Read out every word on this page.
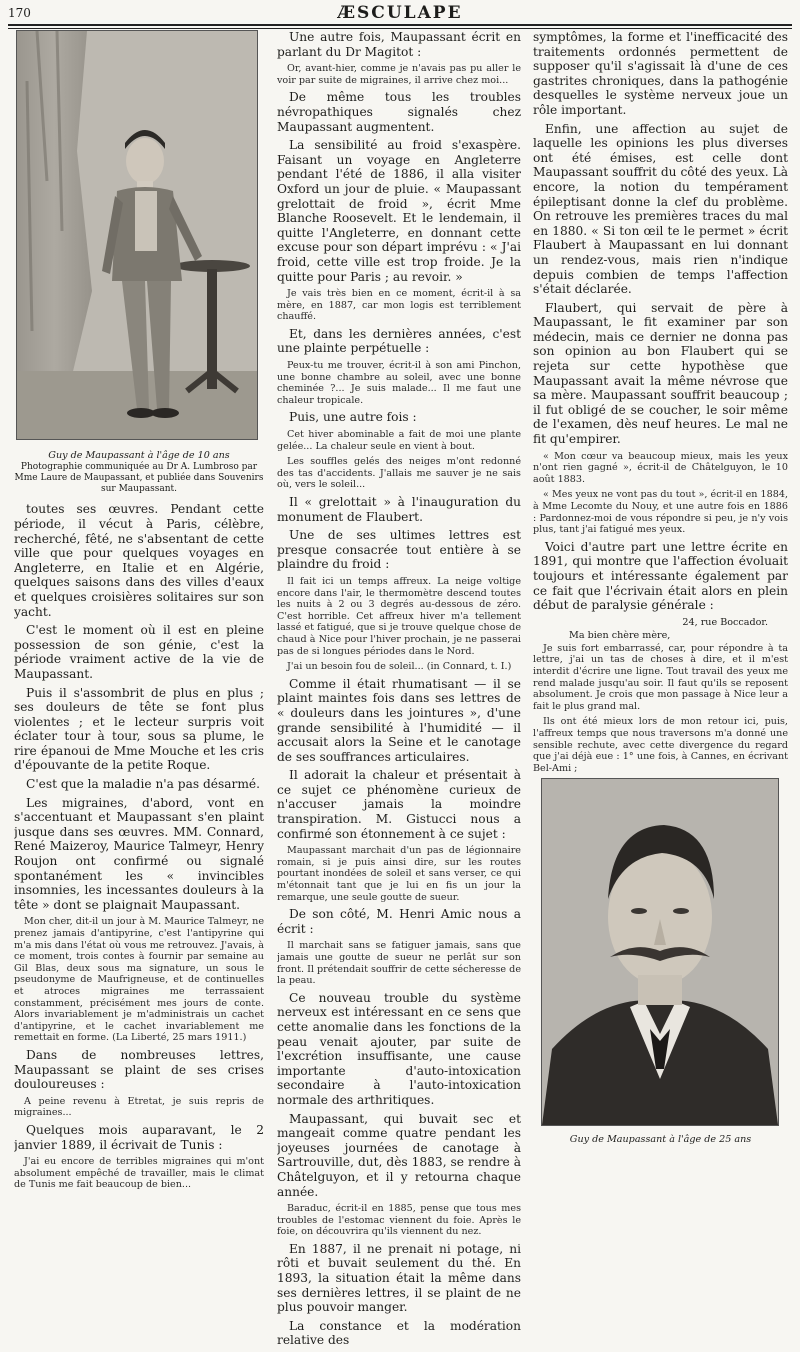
170	ÆSCULAPE
Guy de Maupassant à l'âge de 10 ans
Photographie communiquée au Dr A. Lumbroso par Mme Laure de Maupassant, et publiée dans Souvenirs sur Maupassant.

toutes ses œuvres. Pendant cette période, il vécut à Paris, célèbre, recherché, fêté, ne s'absentant de cette ville que pour quelques voyages en Angleterre, en Italie et en Algérie, quelques saisons dans des villes d'eaux et quelques croisières solitaires sur son yacht.

C'est le moment où il est en pleine possession de son génie, c'est la période vraiment active de la vie de Maupassant.

Puis il s'assombrit de plus en plus ; ses douleurs de tête se font plus violentes ; et le lecteur surpris voit éclater tour à tour, sous sa plume, le rire épanoui de Mme Mouche et les cris d'épouvante de la petite Roque.

C'est que la maladie n'a pas désarmé.

Les migraines, d'abord, vont en s'accentuant et Maupassant s'en plaint jusque dans ses œuvres. MM. Connard, René Maizeroy, Maurice Talmeyr, Henry Roujon ont confirmé ou signalé spontanément les « invincibles insomnies, les incessantes douleurs à la tête » dont se plaignait Maupassant.

Mon cher, dit-il un jour à M. Maurice Talmeyr, ne prenez jamais d'antipyrine, c'est l'antipyrine qui m'a mis dans l'état où vous me retrouvez. J'avais, à ce moment, trois contes à fournir par semaine au Gil Blas, deux sous ma signature, un sous le pseudonyme de Maufrigneuse, et de continuelles et atroces migraines me terrassaient constamment, précisément mes jours de conte. Alors invariablement je m'administrais un cachet d'antipyrine, et le cachet invariablement me remettait en forme. (La Liberté, 25 mars 1911.)

Dans de nombreuses lettres, Maupassant se plaint de ses crises douloureuses :

A peine revenu à Etretat, je suis repris de migraines...

Quelques mois auparavant, le 2 janvier 1889, il écrivait de Tunis :

J'ai eu encore de terribles migraines qui m'ont absolument empêché de travailler, mais le climat de Tunis me fait beaucoup de bien...

Une autre fois, Maupassant écrit en parlant du Dr Magitot :

Or, avant-hier, comme je n'avais pas pu aller le voir par suite de migraines, il arrive chez moi...

De même tous les troubles névropathiques signalés chez Maupassant augmentent.

La sensibilité au froid s'exaspère. Faisant un voyage en Angleterre pendant l'été de 1886, il alla visiter Oxford un jour de pluie. « Maupassant grelottait de froid », écrit Mme Blanche Roosevelt. Et le lendemain, il quitte l'Angleterre, en donnant cette excuse pour son départ imprévu : « J'ai froid, cette ville est trop froide. Je la quitte pour Paris ; au revoir. »

Je vais très bien en ce moment, écrit-il à sa mère, en 1887, car mon logis est terriblement chauffé.

Et, dans les dernières années, c'est une plainte perpétuelle :

Peux-tu me trouver, écrit-il à son ami Pinchon, une bonne chambre au soleil, avec une bonne cheminée ?... Je suis malade... Il me faut une chaleur tropicale.

Puis, une autre fois :

Cet hiver abominable a fait de moi une plante gelée... La chaleur seule en vient à bout.

Les souffles gelés des neiges m'ont redonné des tas d'accidents. J'allais me sauver je ne sais où, vers le soleil...

Il « grelottait » à l'inauguration du monument de Flaubert.

Une de ses ultimes lettres est presque consacrée tout entière à se plaindre du froid :

Il fait ici un temps affreux. La neige voltige encore dans l'air, le thermomètre descend toutes les nuits à 2 ou 3 degrés au-dessous de zéro. C'est horrible. Cet affreux hiver m'a tellement lassé et fatigué, que si je trouve quelque chose de chaud à Nice pour l'hiver prochain, je ne passerai pas de si longues périodes dans le Nord.

J'ai un besoin fou de soleil... (in Connard, t. I.)

Comme il était rhumatisant — il se plaint maintes fois dans ses lettres de « douleurs dans les jointures », d'une grande sensibilité à l'humidité — il accusait alors la Seine et le canotage de ses souffrances articulaires.

Il adorait la chaleur et présentait à ce sujet ce phénomène curieux de n'accuser jamais la moindre transpiration. M. Gistucci nous a confirmé son étonnement à ce sujet :

Maupassant marchait d'un pas de légionnaire romain, si je puis ainsi dire, sur les routes pourtant inondées de soleil et sans verser, ce qui m'étonnait tant que je lui en fis un jour la remarque, une seule goutte de sueur.

De son côté, M. Henri Amic nous a écrit :

Il marchait sans se fatiguer jamais, sans que jamais une goutte de sueur ne perlât sur son front. Il prétendait souffrir de cette sécheresse de la peau.

Ce nouveau trouble du système nerveux est intéressant en ce sens que cette anomalie dans les fonctions de la peau venait ajouter, par suite de l'excrétion insuffisante, une cause importante d'auto-intoxication secondaire à l'auto-intoxication normale des arthritiques.

Maupassant, qui buvait sec et mangeait comme quatre pendant les joyeuses journées de canotage à Sartrouville, dut, dès 1883, se rendre à Châtelguyon, et il y retourna chaque année.

Baraduc, écrit-il en 1885, pense que tous mes troubles de l'estomac viennent du foie. Après le foie, on découvrira qu'ils viennent du nez.

En 1887, il ne prenait ni potage, ni rôti et buvait seulement du thé. En 1893, la situation était la même dans ses dernières lettres, il se plaint de ne plus pouvoir manger.

La constance et la modération relative des

symptômes, la forme et l'inefficacité des traitements ordonnés permettent de supposer qu'il s'agissait là d'une de ces gastrites chroniques, dans la pathogénie desquelles le système nerveux joue un rôle important.

Enfin, une affection au sujet de laquelle les opinions les plus diverses ont été émises, est celle dont Maupassant souffrit du côté des yeux. Là encore, la notion du tempérament épileptisant donne la clef du problème. On retrouve les premières traces du mal en 1880. « Si ton œil te le permet » écrit Flaubert à Maupassant en lui donnant un rendez-vous, mais rien n'indique depuis combien de temps l'affection s'était déclarée.

Flaubert, qui servait de père à Maupassant, le fit examiner par son médecin, mais ce dernier ne donna pas son opinion au bon Flaubert qui se rejeta sur cette hypothèse que Maupassant avait la même névrose que sa mère. Maupassant souffrit beaucoup ; il fut obligé de se coucher, le soir même de l'examen, dès neuf heures. Le mal ne fit qu'empirer.

« Mon cœur va beaucoup mieux, mais les yeux n'ont rien gagné », écrit-il de Châtelguyon, le 10 août 1883.

« Mes yeux ne vont pas du tout », écrit-il en 1884, à Mme Lecomte du Nouy, et une autre fois en 1886 : Pardonnez-moi de vous répondre si peu, je n'y vois plus, tant j'ai fatigué mes yeux.

Voici d'autre part une lettre écrite en 1891, qui montre que l'affection évoluait toujours et intéressante également par ce fait que l'écrivain était alors en plein début de paralysie générale :

24, rue Boccador.

Ma bien chère mère,

Je suis fort embarrassé, car, pour répondre à ta lettre, j'ai un tas de choses à dire, et il m'est interdit d'écrire une ligne. Tout travail des yeux me rend malade jusqu'au soir. Il faut qu'ils se reposent absolument. Je crois que mon passage à Nice leur a fait le plus grand mal.

Ils ont été mieux lors de mon retour ici, puis, l'affreux temps que nous traversons m'a donné une sensible rechute, avec cette divergence du regard que j'ai déjà eue : 1° une fois, à Cannes, en écrivant Bel-Ami ;

Guy de Maupassant à l'âge de 25 ans
